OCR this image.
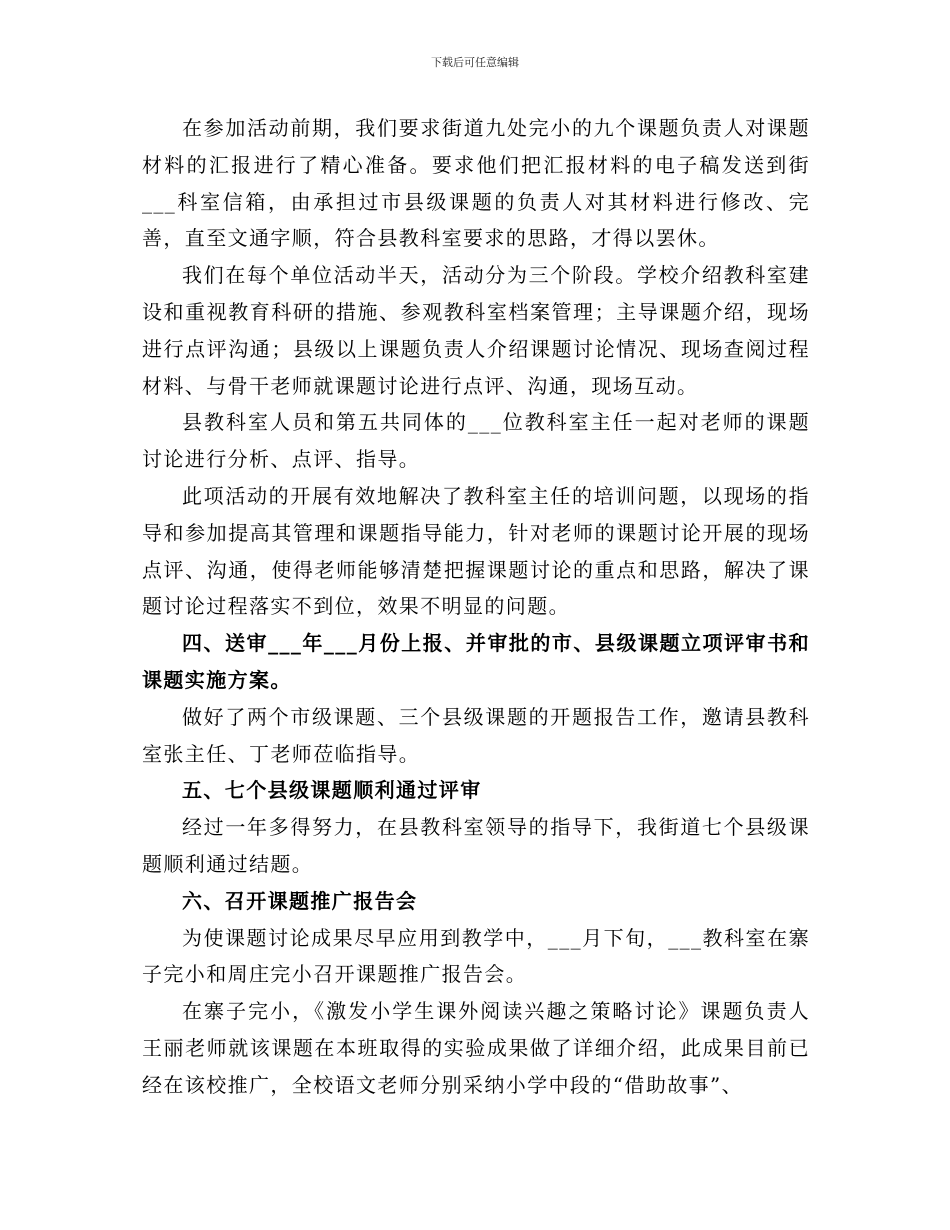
下载后可任意编辑

在参加活动前期，我们要求街道九处完小的九个课题负责人对课题材料的汇报进行了精心准备。要求他们把汇报材料的电子稿发送到街___科室信箱，由承担过市县级课题的负责人对其材料进行修改、完善，直至文通字顺，符合县教科室要求的思路，才得以罢休。

我们在每个单位活动半天，活动分为三个阶段。学校介绍教科室建设和重视教育科研的措施、参观教科室档案管理；主导课题介绍，现场进行点评沟通；县级以上课题负责人介绍课题讨论情况、现场查阅过程材料、与骨干老师就课题讨论进行点评、沟通，现场互动。

县教科室人员和第五共同体的___位教科室主任一起对老师的课题讨论进行分析、点评、指导。

此项活动的开展有效地解决了教科室主任的培训问题，以现场的指导和参加提高其管理和课题指导能力，针对老师的课题讨论开展的现场点评、沟通，使得老师能够清楚把握课题讨论的重点和思路，解决了课题讨论过程落实不到位，效果不明显的问题。

四、送审___年___月份上报、并审批的市、县级课题立项评审书和课题实施方案。

做好了两个市级课题、三个县级课题的开题报告工作，邀请县教科室张主任、丁老师莅临指导。

五、七个县级课题顺利通过评审

经过一年多得努力，在县教科室领导的指导下，我街道七个县级课题顺利通过结题。

六、召开课题推广报告会

为使课题讨论成果尽早应用到教学中，___月下旬，___教科室在寨子完小和周庄完小召开课题推广报告会。

在寨子完小，《激发小学生课外阅读兴趣之策略讨论》课题负责人王丽老师就该课题在本班取得的实验成果做了详细介绍，此成果目前已经在该校推广，全校语文老师分别采纳小学中段的“借助故事”、
